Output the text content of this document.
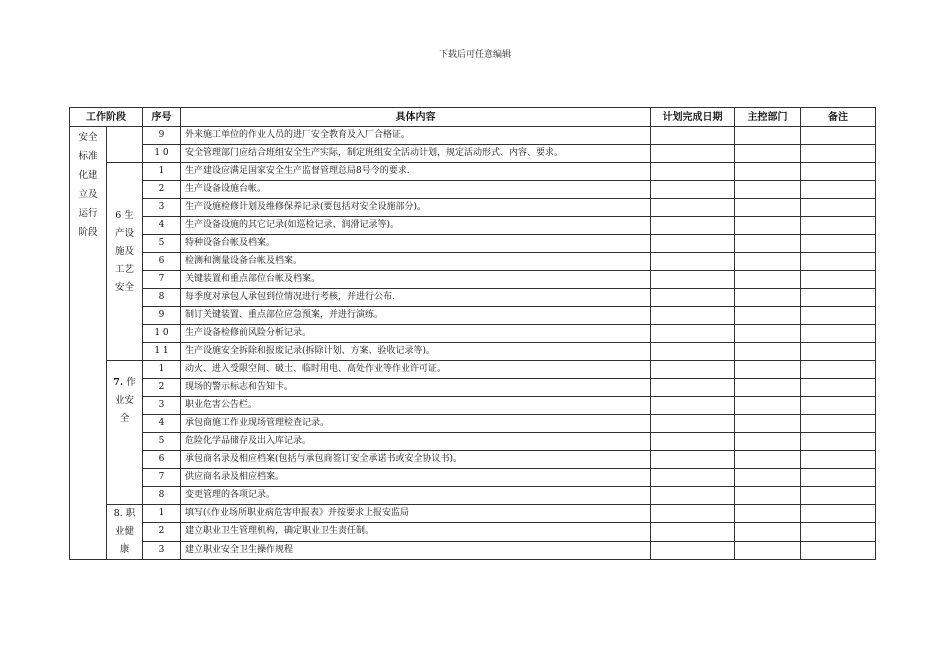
下载后可任意编辑
工作阶段		序号	具体内容	计划完成日期	主控部门	备注
安全标准化建立及运行阶段		9	外来施工单位的作业人员的进厂安全教育及入厂合格证。			
		1 0	安全管理部门应结合班组安全生产实际，制定班组安全活动计划，规定活动形式、内容、要求。			
	6 生产设施及工艺安全	1	生产建设应满足国家安全生产监督管理总局8号令的要求.			
		2	生产设备设施台帐。			
		3	生产设施检修计划及维修保养记录(要包括对安全设施部分)。			
		4	生产设备设施的其它记录(如巡检记录、润滑记录等)。			
		5	特种设备台帐及档案。			
		6	检测和测量设备台帐及档案。			
		7	关键装置和重点部位台帐及档案。			
		8	每季度对承包人承包到位情况进行考核，并进行公布.			
		9	制订关键装置、重点部位应急预案，并进行演练。			
		1 0	生产设备检修前风险分析记录。			
		1 1	生产设施安全拆除和报废记录(拆除计划、方案、验收记录等)。			
	7. 作业安全	1	动火、进入受限空间、破土、临时用电、高处作业等作业许可证。			
		2	现场的警示标志和告知卡。			
		3	职业危害公告栏。			
		4	承包商施工作业现场管理检查记录。			
		5	危险化学品储存及出入库记录。			
		6	承包商名录及相应档案(包括与承包商签订安全承诺书或安全协议书)。			
		7	供应商名录及相应档案。			
		8	变更管理的各项记录。			
	8. 职业健康	1	填写(《作业场所职业病危害申报表》并按要求上报安监局			
		2	建立职业卫生管理机构，确定职业卫生责任制。			
		3	建立职业安全卫生操作规程			
